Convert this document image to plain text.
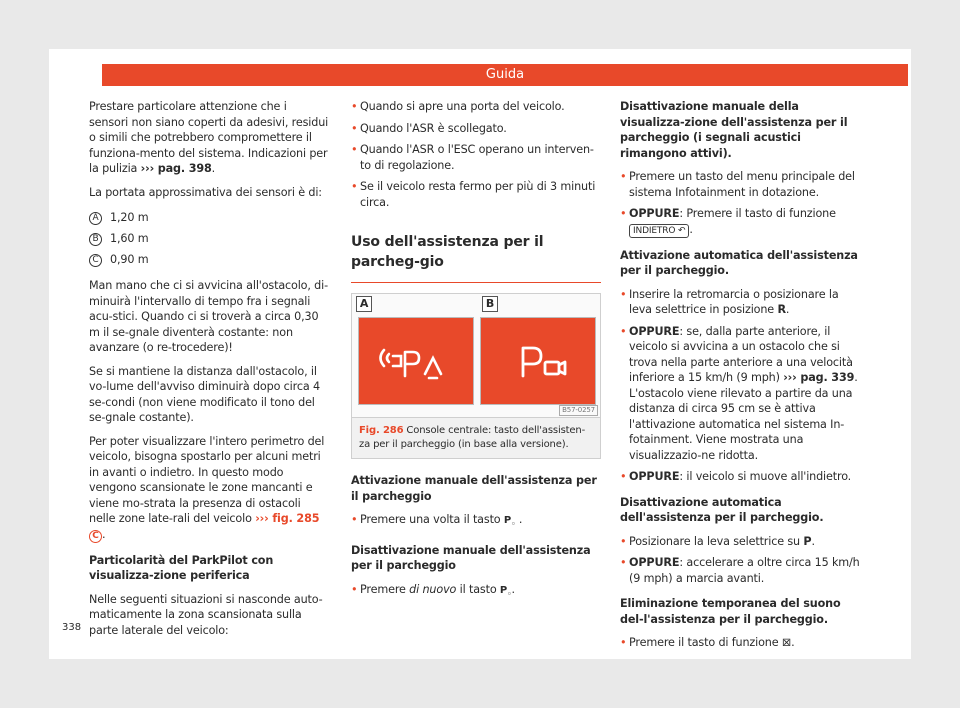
Guida
Prestare particolare attenzione che i sensori non siano coperti da adesivi, residui o simili che potrebbero compromettere il funziona-mento del sistema. Indicazioni per la pulizia ››› pag. 398.
La portata approssimativa dei sensori è di:
A	1,20 m
B	1,60 m
C	0,90 m
Man mano che ci si avvicina all'ostacolo, di-minuirà l'intervallo di tempo fra i segnali acu-stici. Quando ci si troverà a circa 0,30 m il se-gnale diventerà costante: non avanzare (o re-trocedere)!
Se si mantiene la distanza dall'ostacolo, il vo-lume dell'avviso diminuirà dopo circa 4 se-condi (non viene modificato il tono del se-gnale costante).
Per poter visualizzare l'intero perimetro del veicolo, bisogna spostarlo per alcuni metri in avanti o indietro. In questo modo vengono scansionate le zone mancanti e viene mo-strata la presenza di ostacoli nelle zone late-rali del veicolo ››› fig. 285 C .
Particolarità del ParkPilot con visualizza-zione periferica
Nelle seguenti situazioni si nasconde auto-maticamente la zona scansionata sulla parte laterale del veicolo:
• Quando si apre una porta del veicolo.
• Quando l'ASR è scollegato.
• Quando l'ASR o l'ESC operano un interven-to di regolazione.
• Se il veicolo resta fermo per più di 3 minuti circa.
Uso dell'assistenza per il parcheg-gio
A	B
B57-0257
Fig. 286 Console centrale: tasto dell'assisten-za per il parcheggio (in base alla versione).
Attivazione manuale dell'assistenza per il parcheggio
• Premere una volta il tasto $P_◦$ .
Disattivazione manuale dell'assistenza per il parcheggio
• Premere di nuovo il tasto $P_◦$.
Disattivazione manuale della visualizza-zione dell'assistenza per il parcheggio (i segnali acustici rimangono attivi).
• Premere un tasto del menu principale del sistema Infotainment in dotazione.
• OPPURE: Premere il tasto di funzione INDIETRO ↶ .
Attivazione automatica dell'assistenza per il parcheggio.
• Inserire la retromarcia o posizionare la leva selettrice in posizione R.
• OPPURE: se, dalla parte anteriore, il veicolo si avvicina a un ostacolo che si trova nella parte anteriore a una velocità inferiore a 15 km/h (9 mph) ››› pag. 339. L'ostacolo viene rilevato a partire da una distanza di circa 95 cm se è attiva l'attivazione automatica nel sistema In-fotainment. Viene mostrata una visualizzazio-ne ridotta.
• OPPURE: il veicolo si muove all'indietro.
Disattivazione automatica dell'assistenza per il parcheggio.
• Posizionare la leva selettrice su P.
• OPPURE: accelerare a oltre circa 15 km/h (9 mph) a marcia avanti.
Eliminazione temporanea del suono del-l'assistenza per il parcheggio.
• Premere il tasto di funzione ⊠.
338
